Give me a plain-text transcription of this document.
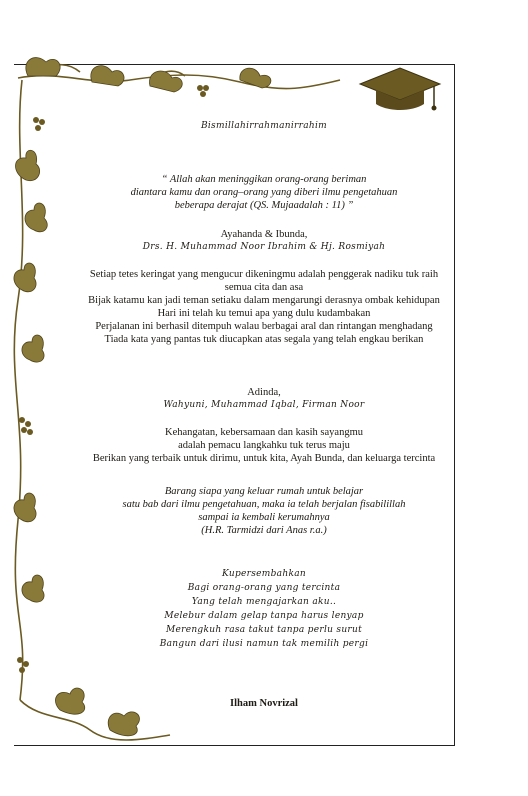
Bismillahirrahmanirrahim
“ Allah akan meninggikan orang-orang beriman
diantara kamu dan orang–orang yang diberi ilmu pengetahuan
beberapa derajat (QS. Mujaadalah : 11) ”
Ayahanda & Ibunda,
Drs. H. Muhammad Noor Ibrahim & Hj. Rosmiyah
Setiap tetes keringat yang mengucur dikeningmu adalah penggerak nadiku tuk raih
semua cita dan asa
Bijak katamu kan jadi teman setiaku dalam mengarungi derasnya ombak kehidupan
Hari ini telah ku temui apa yang dulu kudambakan
Perjalanan ini berhasil ditempuh walau berbagai aral dan rintangan menghadang
Tiada kata yang pantas tuk diucapkan atas segala yang telah engkau berikan
Adinda,
Wahyuni, Muhammad Iqbal, Firman Noor
Kehangatan, kebersamaan dan kasih sayangmu
adalah pemacu langkahku tuk terus maju
Berikan yang terbaik untuk dirimu, untuk kita, Ayah Bunda, dan keluarga tercinta
Barang siapa yang keluar rumah untuk belajar
satu bab dari ilmu pengetahuan, maka ia telah berjalan fisabilillah
sampai ia kembali kerumahnya
(H.R. Tarmidzi dari Anas r.a.)
Kupersembahkan
Bagi orang-orang yang tercinta
Yang telah mengajarkan aku..
Melebur dalam gelap tanpa harus lenyap
Merengkuh rasa takut tanpa perlu surut
Bangun dari ilusi namun tak memilih pergi
Ilham Novrizal
